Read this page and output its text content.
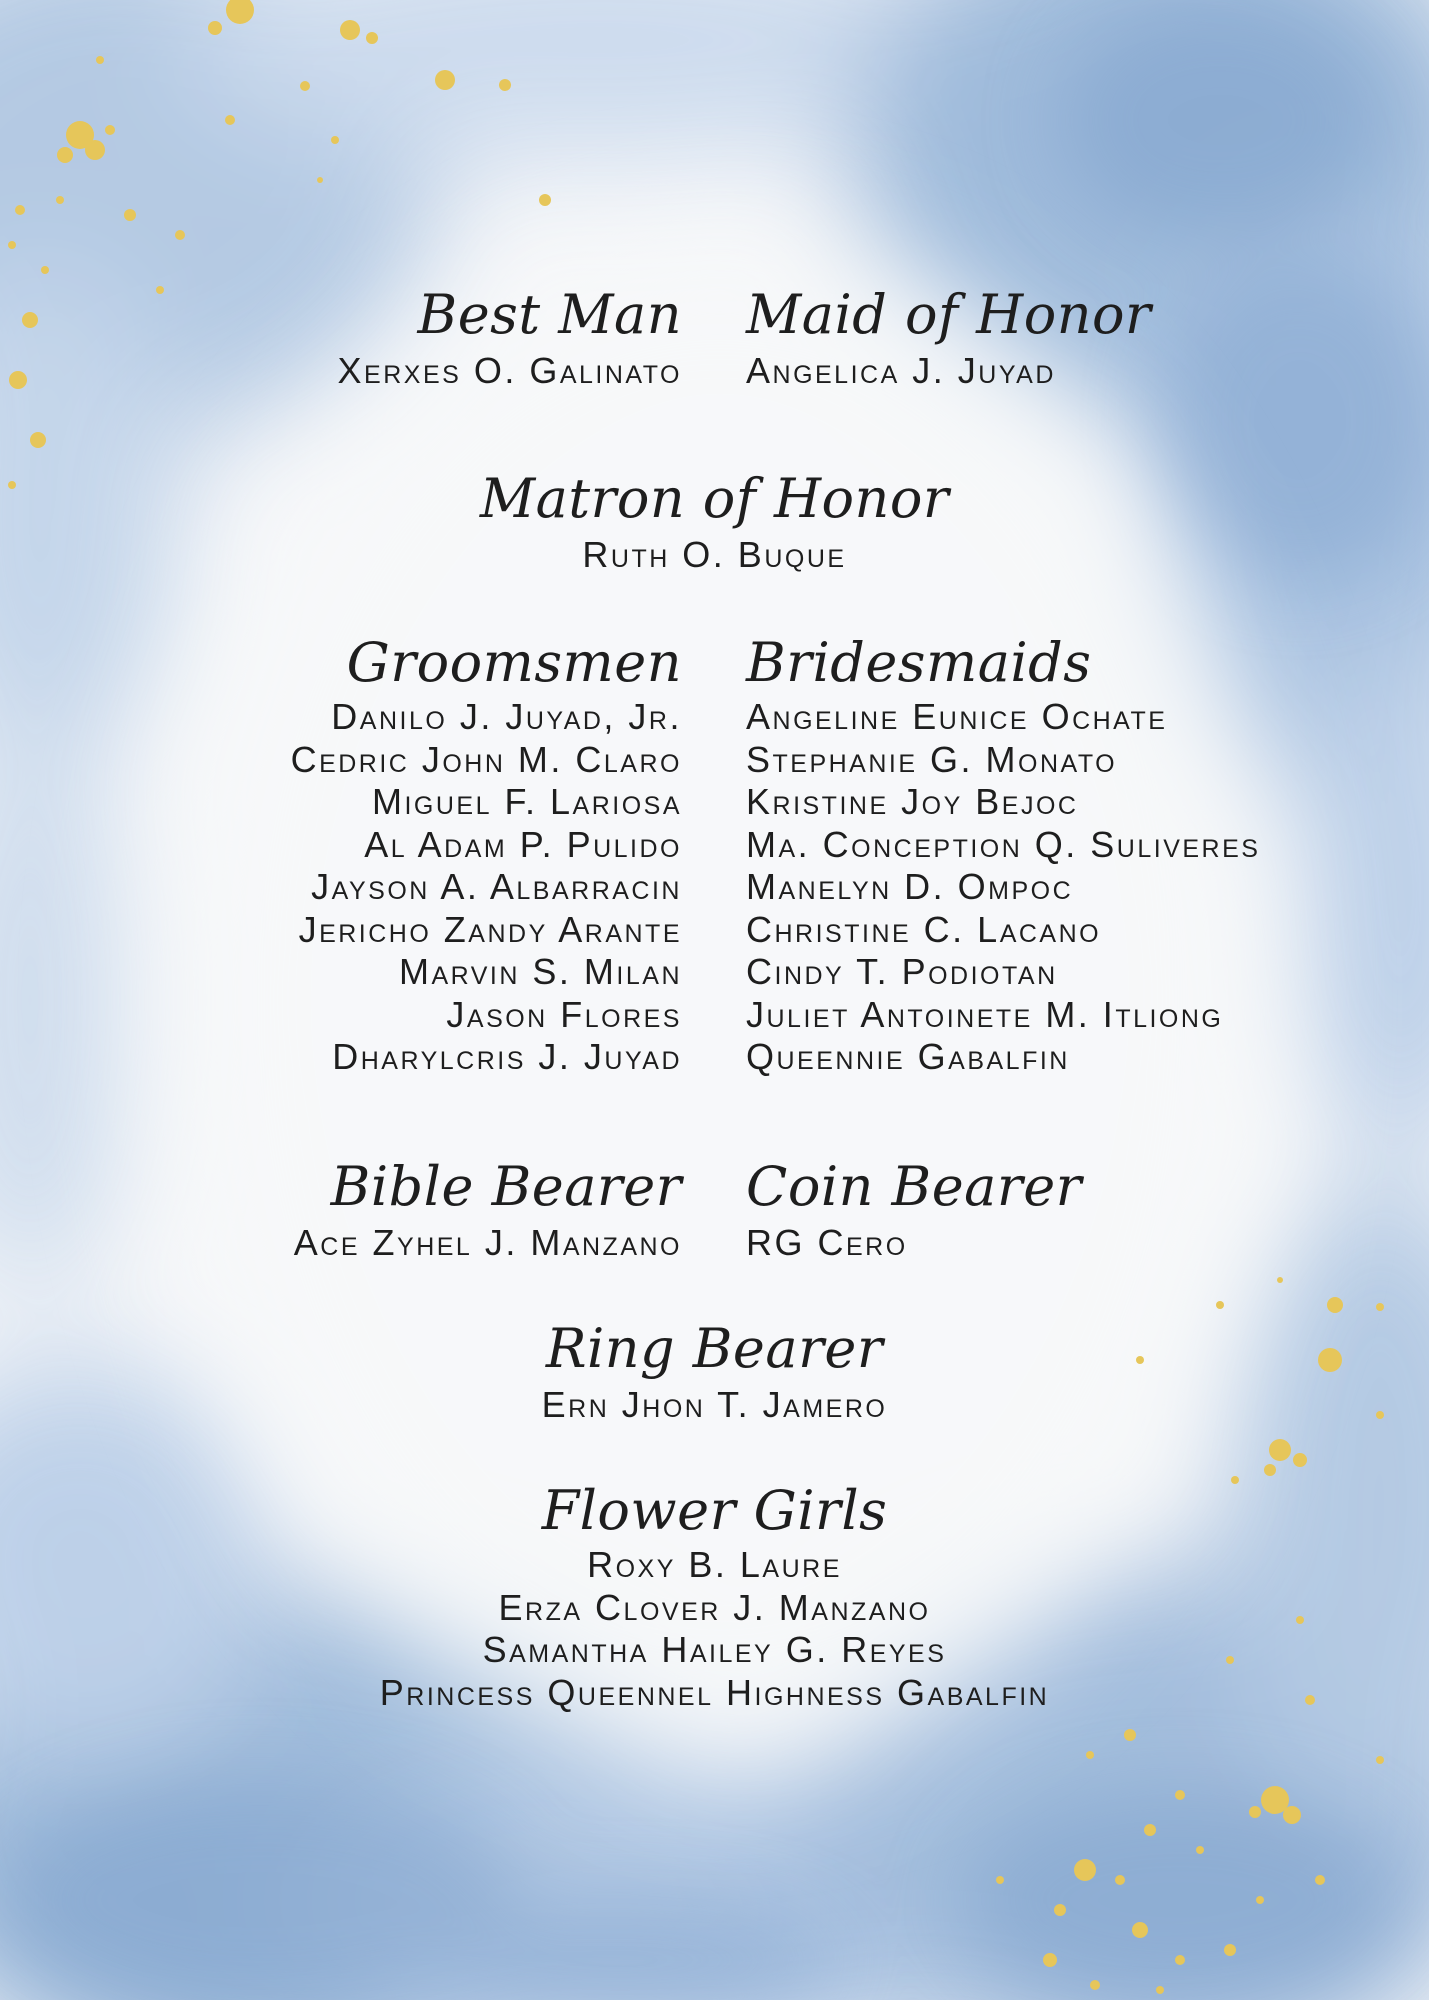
Best Man
Xerxes O. Galinato
Maid of Honor
Angelica J. Juyad
Matron of Honor
Ruth O. Buque
Groomsmen
Danilo J. Juyad, Jr.
Cedric John M. Claro
Miguel F. Lariosa
Al Adam P. Pulido
Jayson A. Albarracin
Jericho Zandy Arante
Marvin S. Milan
Jason Flores
Dharylcris J. Juyad
Bridesmaids
Angeline Eunice Ochate
Stephanie G. Monato
Kristine Joy Bejoc
Ma. Conception Q. Suliveres
Manelyn D. Ompoc
Christine C. Lacano
Cindy T. Podiotan
Juliet Antoinete M. Itliong
Queennie Gabalfin
Bible Bearer
Ace Zyhel J. Manzano
Coin Bearer
RG Cero
Ring Bearer
Ern Jhon T. Jamero
Flower Girls
Roxy B. Laure
Erza Clover J. Manzano
Samantha Hailey G. Reyes
Princess Queennel Highness Gabalfin
